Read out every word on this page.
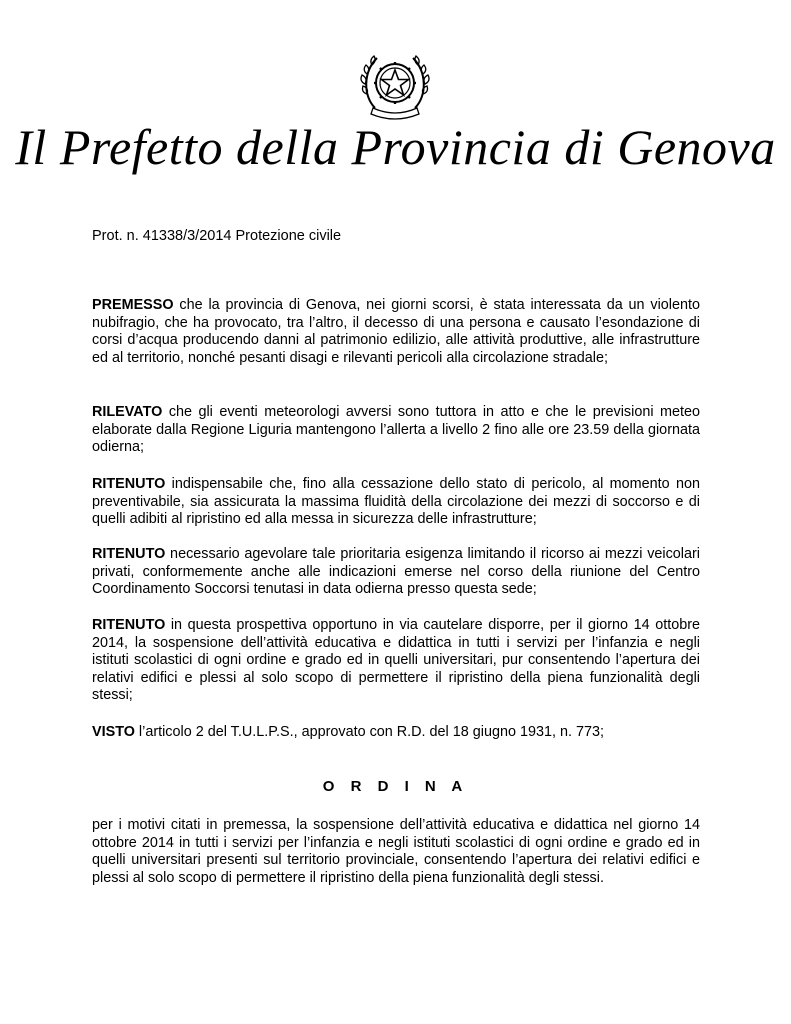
Il Prefetto della Provincia di Genova
Prot. n. 41338/3/2014 Protezione civile
PREMESSO che la provincia di Genova, nei giorni scorsi, è stata interessata da un violento nubifragio, che ha provocato, tra l’altro, il decesso di una persona e causato l’esondazione di corsi d’acqua producendo danni al patrimonio edilizio, alle attività produttive, alle infrastrutture ed al territorio, nonché pesanti disagi e rilevanti pericoli alla circolazione stradale;
RILEVATO che gli eventi meteorologi avversi sono tuttora in atto e che le previsioni meteo elaborate dalla Regione Liguria mantengono l’allerta a livello 2 fino alle ore 23.59 della giornata odierna;
RITENUTO indispensabile che, fino alla cessazione dello stato di pericolo, al momento non preventivabile, sia assicurata la massima fluidità della circolazione dei mezzi di soccorso e di quelli adibiti al ripristino ed alla messa in sicurezza delle infrastrutture;
RITENUTO necessario agevolare tale prioritaria esigenza limitando il ricorso ai mezzi veicolari privati, conformemente anche alle indicazioni emerse nel corso della riunione del Centro Coordinamento Soccorsi tenutasi in data odierna presso questa sede;
RITENUTO in questa prospettiva opportuno in via cautelare disporre, per il giorno 14 ottobre 2014, la sospensione dell’attività educativa e didattica in tutti i servizi per l’infanzia e negli istituti scolastici di ogni ordine e grado ed in quelli universitari, pur consentendo l’apertura dei relativi edifici e plessi al solo scopo di permettere il ripristino della piena funzionalità degli stessi;
VISTO l’articolo 2 del T.U.L.P.S., approvato con R.D. del 18 giugno 1931, n. 773;
O R D I N A
per i motivi citati in premessa, la sospensione dell’attività educativa e didattica nel giorno 14 ottobre 2014 in tutti i servizi per l’infanzia e negli istituti scolastici di ogni ordine e grado ed in quelli universitari presenti sul territorio provinciale, consentendo l’apertura dei relativi edifici e plessi al solo scopo di permettere il ripristino della piena funzionalità degli stessi.
